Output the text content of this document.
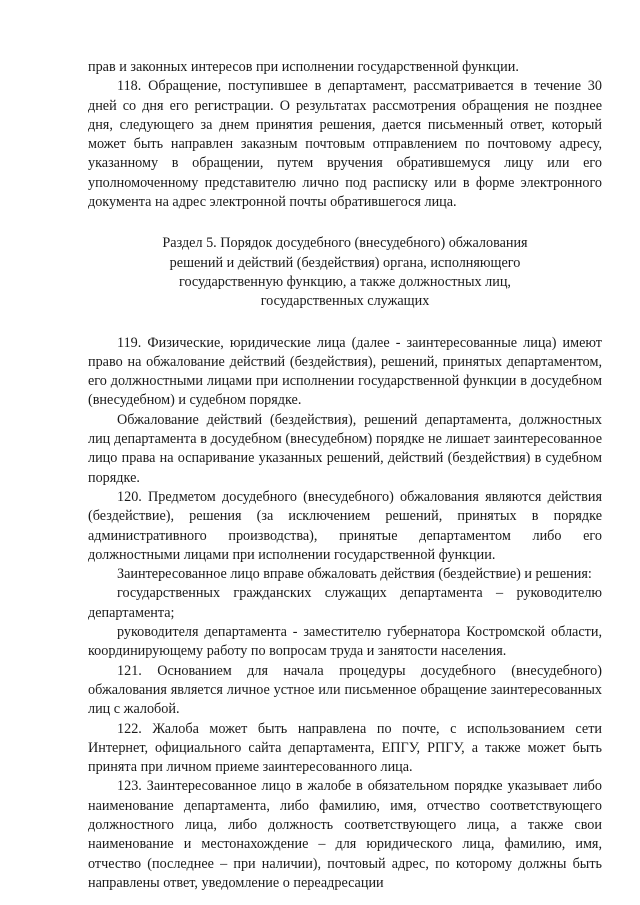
прав и законных интересов при исполнении государственной функции.

118. Обращение, поступившее в департамент, рассматривается в течение 30 дней со дня его регистрации. О результатах рассмотрения обращения не позднее дня, следующего за днем принятия решения, дается письменный ответ, который может быть направлен заказным почтовым отправлением по почтовому адресу, указанному в обращении, путем вручения обратившемуся лицу или его уполномоченному представителю лично под расписку или в форме электронного документа на адрес электронной почты обратившегося лица.

Раздел 5. Порядок досудебного (внесудебного) обжалования
решений и действий (бездействия) органа, исполняющего
государственную функцию, а также должностных лиц,
государственных служащих

119. Физические, юридические лица (далее - заинтересованные лица) имеют право на обжалование действий (бездействия), решений, принятых департаментом, его должностными лицами при исполнении государственной функции в досудебном (внесудебном) и судебном порядке.

Обжалование действий (бездействия), решений департамента, должностных лиц департамента в досудебном (внесудебном) порядке не лишает заинтересованное лицо права на оспаривание указанных решений, действий (бездействия) в судебном порядке.

120. Предметом досудебного (внесудебного) обжалования являются действия (бездействие), решения (за исключением решений, принятых в порядке административного производства), принятые департаментом либо его должностными лицами при исполнении государственной функции.

Заинтересованное лицо вправе обжаловать действия (бездействие) и решения:

государственных гражданских служащих департамента – руководителю департамента;

руководителя департамента - заместителю губернатора Костромской области, координирующему работу по вопросам труда и занятости населения.

121. Основанием для начала процедуры досудебного (внесудебного) обжалования является личное устное или письменное обращение заинтересованных лиц с жалобой.

122. Жалоба может быть направлена по почте, с использованием сети Интернет, официального сайта департамента, ЕПГУ, РПГУ, а также может быть принята при личном приеме заинтересованного лица.

123. Заинтересованное лицо в жалобе в обязательном порядке указывает либо наименование департамента, либо фамилию, имя, отчество соответствующего должностного лица, либо должность соответствующего лица, а также свои наименование и местонахождение – для юридического лица, фамилию, имя, отчество (последнее – при наличии), почтовый адрес, по которому должны быть направлены ответ, уведомление о переадресации
